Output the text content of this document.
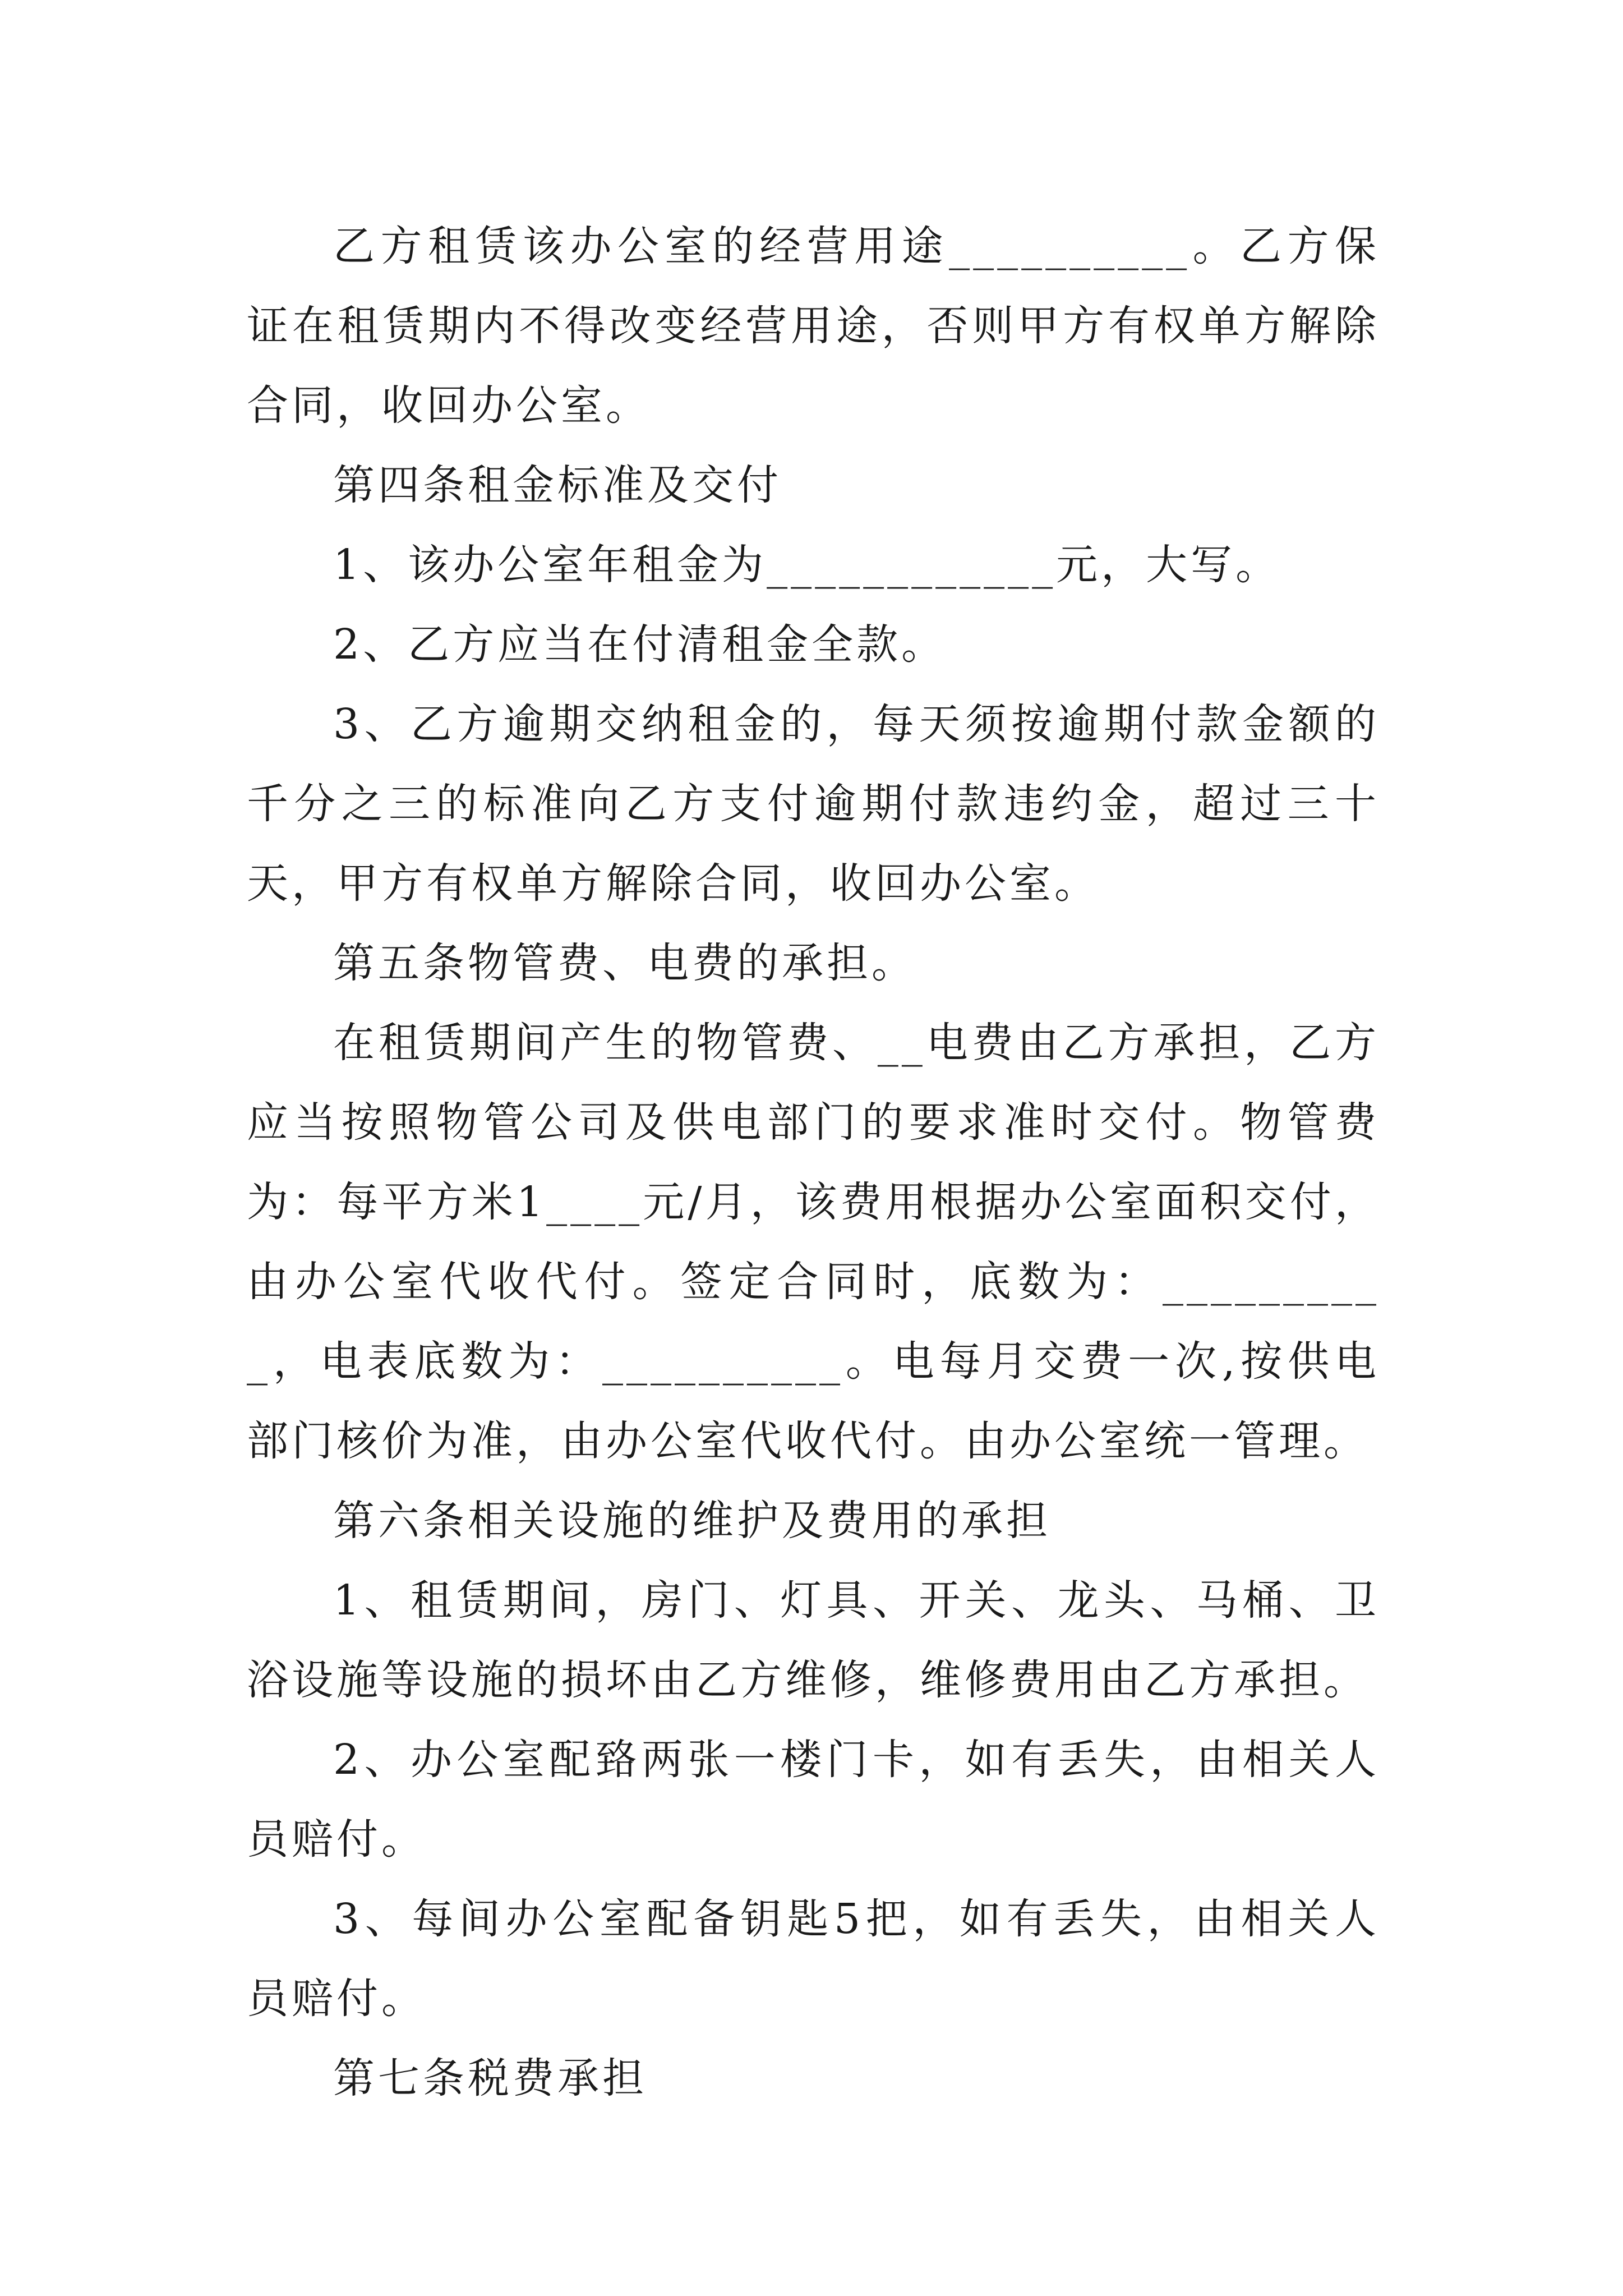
乙方租赁该办公室的经营用途__________。乙方保证在租赁期内不得改变经营用途，否则甲方有权单方解除合同，收回办公室。

第四条租金标准及交付

1、该办公室年租金为____________元，大写。

2、乙方应当在付清租金全款。

3、乙方逾期交纳租金的，每天须按逾期付款金额的千分之三的标准向乙方支付逾期付款违约金，超过三十天，甲方有权单方解除合同，收回办公室。

第五条物管费、电费的承担。

在租赁期间产生的物管费、__电费由乙方承担，乙方应当按照物管公司及供电部门的要求准时交付。物管费为：每平方米1____元/月，该费用根据办公室面积交付，由办公室代收代付。签定合同时，底数为：__________，电表底数为：__________。电每月交费一次,按供电部门核价为准，由办公室代收代付。由办公室统一管理。

第六条相关设施的维护及费用的承担

1、租赁期间，房门、灯具、开关、龙头、马桶、卫浴设施等设施的损坏由乙方维修，维修费用由乙方承担。

2、办公室配臵两张一楼门卡，如有丢失，由相关人员赔付。

3、每间办公室配备钥匙5把，如有丢失，由相关人员赔付。

第七条税费承担
